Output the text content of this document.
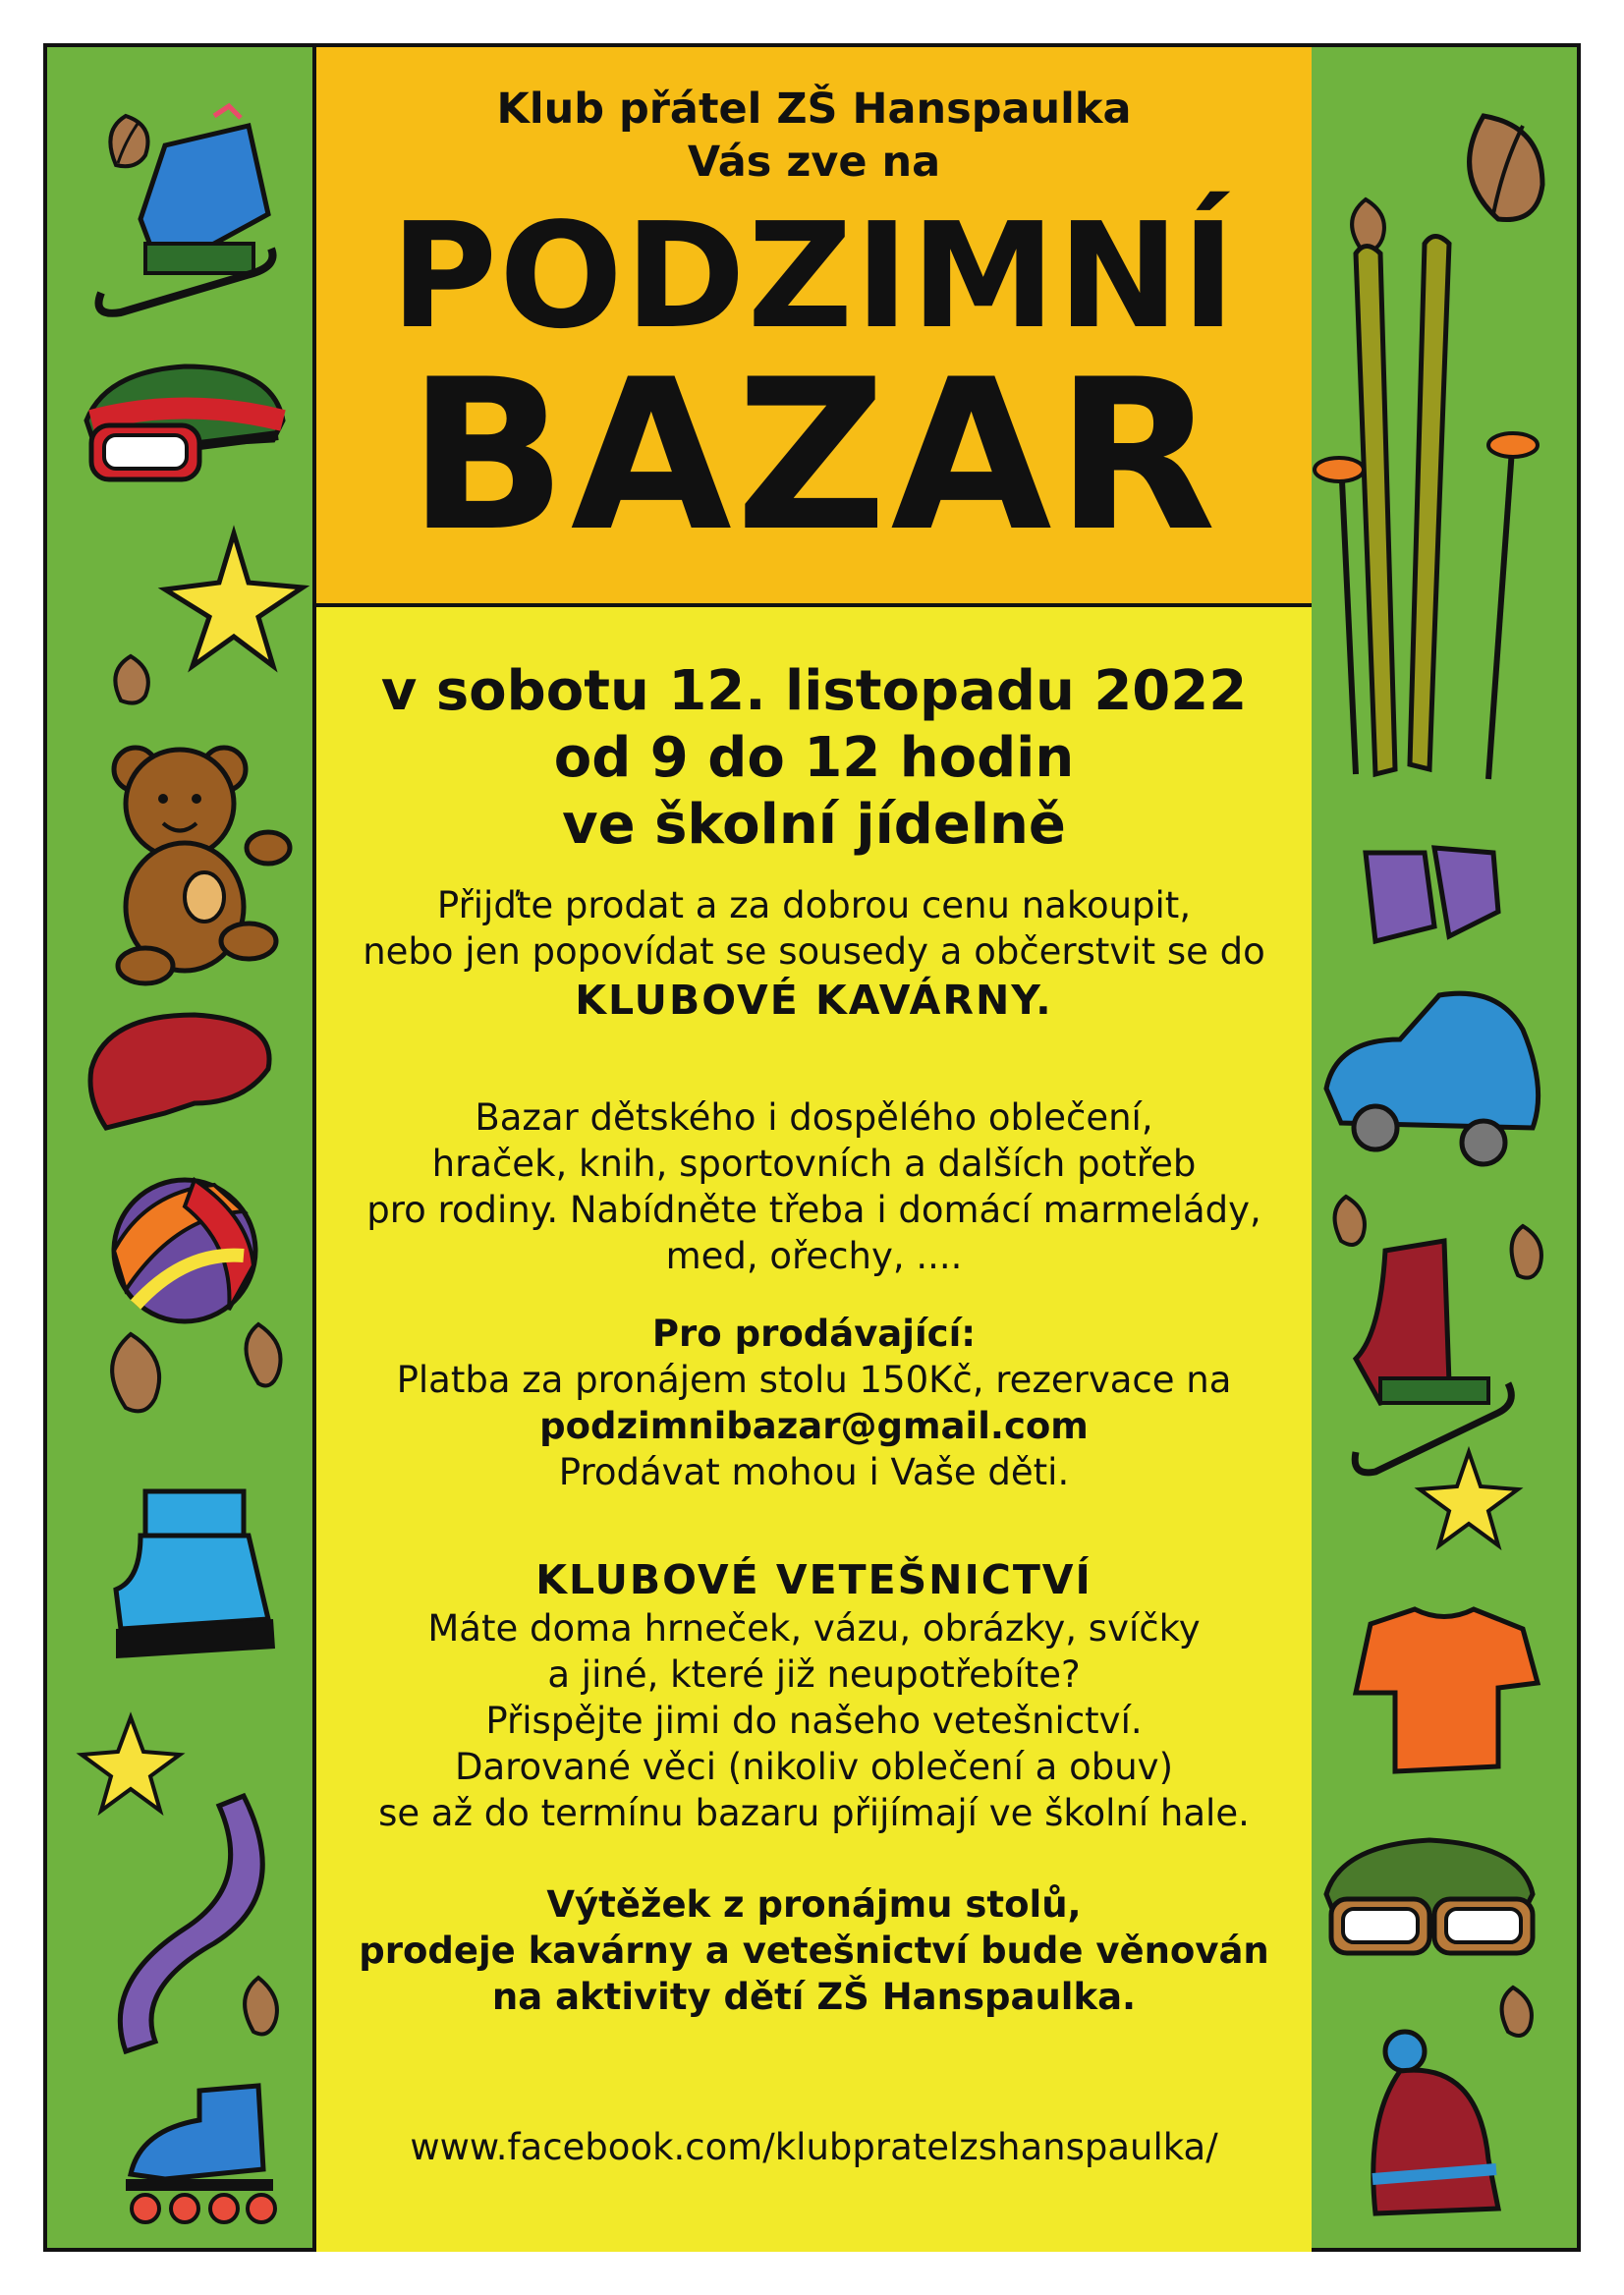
Klub přátel ZŠ Hanspaulka

Vás zve na

PODZIMNÍ
BAZAR
v sobotu 12. listopadu 2022
od 9 do 12 hodin
ve školní jídelně
Přijďte prodat a za dobrou cenu nakoupit,
nebo jen popovídat se sousedy a občerstvit se do
KLUBOVÉ KAVÁRNY.
Bazar dětského i dospělého oblečení,
hraček, knih, sportovních a dalších potřeb
pro rodiny. Nabídněte třeba i domácí marmelády,
med, ořechy, ....
Pro prodávající:
Platba za pronájem stolu 150Kč, rezervace na
podzimnibazar@gmail.com
Prodávat mohou i Vaše děti.
KLUBOVÉ VETEŠNICTVÍ
Máte doma hrneček, vázu, obrázky, svíčky
a jiné, které již neupotřebíte?
Přispějte jimi do našeho vetešnictví.
Darované věci (nikoliv oblečení a obuv)
se až do termínu bazaru přijímají ve školní hale.
Výtěžek z pronájmu stolů,
prodeje kavárny a vetešnictví bude věnován
na aktivity dětí ZŠ Hanspaulka.
www.facebook.com/klubpratelzshanspaulka/
